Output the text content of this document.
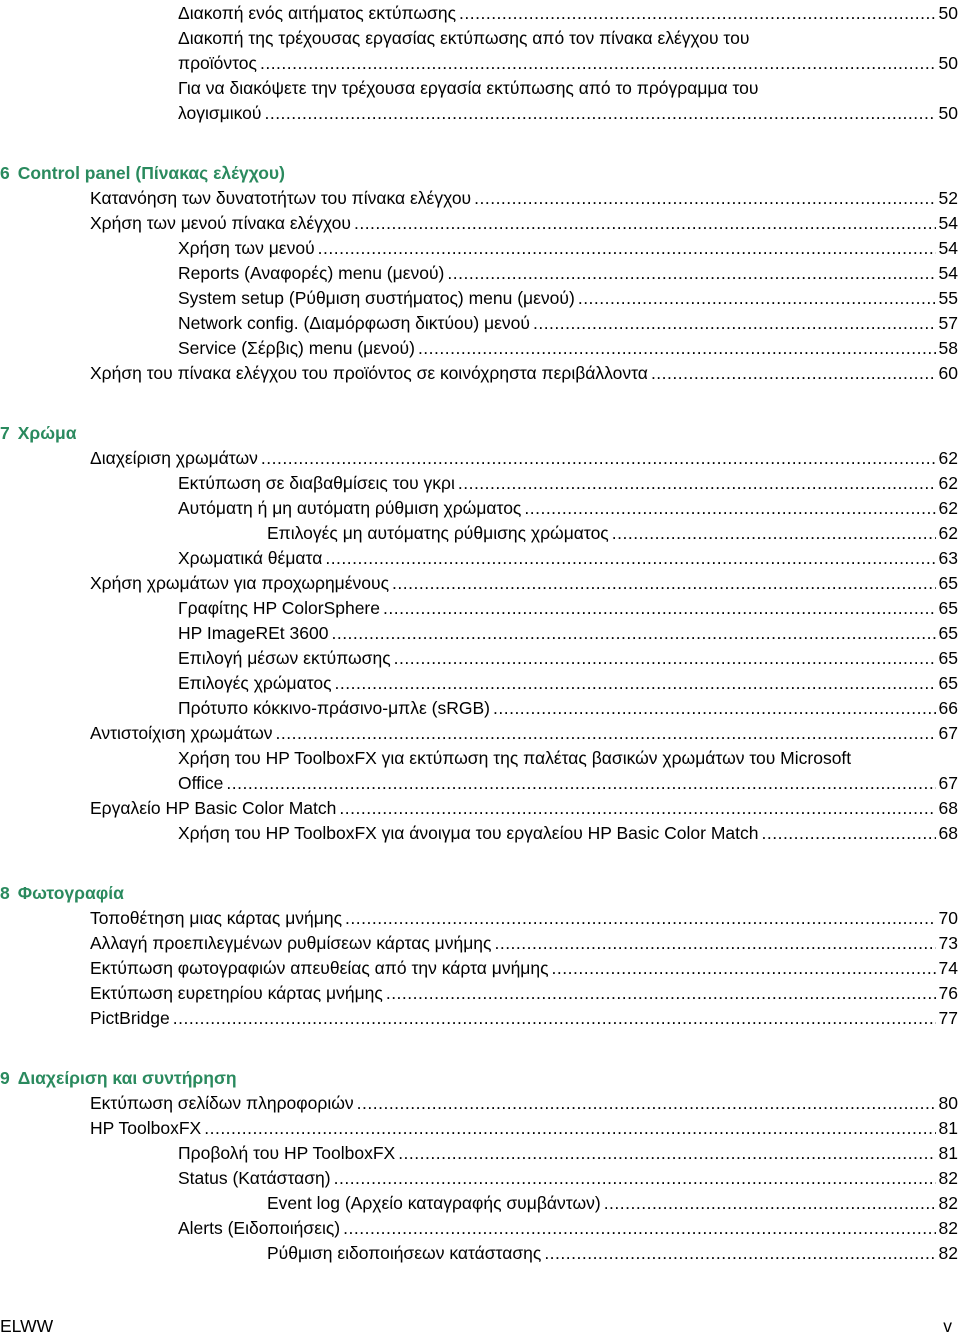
Διακοπή ενός αιτήματος εκτύπωσης .....	50
Διακοπή της τρέχουσας εργασίας εκτύπωσης από τον πίνακα ελέγχου του
προϊόντος .....	50
Για να διακόψετε την τρέχουσα εργασία εκτύπωσης από το πρόγραμμα του
λογισμικού .....	50
6 Control panel (Πίνακας ελέγχου)
Κατανόηση των δυνατοτήτων του πίνακα ελέγχου .....	52
Χρήση των μενού πίνακα ελέγχου .....	54
Χρήση των μενού .....	54
Reports (Αναφορές) menu (μενού) .....	54
System setup (Ρύθμιση συστήματος) menu (μενού) .....	55
Network config. (Διαμόρφωση δικτύου) μενού .....	57
Service (Σέρβις) menu (μενού) .....	58
Χρήση του πίνακα ελέγχου του προϊόντος σε κοινόχρηστα περιβάλλοντα .....	60
7 Χρώμα
Διαχείριση χρωμάτων .....	62
Εκτύπωση σε διαβαθμίσεις του γκρι .....	62
Αυτόματη ή μη αυτόματη ρύθμιση χρώματος .....	62
Επιλογές μη αυτόματης ρύθμισης χρώματος .....	62
Χρωματικά θέματα .....	63
Χρήση χρωμάτων για προχωρημένους .....	65
Γραφίτης HP ColorSphere .....	65
HP ImageREt 3600 .....	65
Επιλογή μέσων εκτύπωσης .....	65
Επιλογές χρώματος .....	65
Πρότυπο κόκκινο-πράσινο-μπλε (sRGB) .....	66
Αντιστοίχιση χρωμάτων .....	67
Χρήση του HP ToolboxFX για εκτύπωση της παλέτας βασικών χρωμάτων του Microsoft
Office .....	67
Εργαλείο HP Basic Color Match .....	68
Χρήση του HP ToolboxFX για άνοιγμα του εργαλείου HP Basic Color Match .....	68
8 Φωτογραφία
Τοποθέτηση μιας κάρτας μνήμης .....	70
Αλλαγή προεπιλεγμένων ρυθμίσεων κάρτας μνήμης .....	73
Εκτύπωση φωτογραφιών απευθείας από την κάρτα μνήμης .....	74
Εκτύπωση ευρετηρίου κάρτας μνήμης .....	76
PictBridge .....	77
9 Διαχείριση και συντήρηση
Εκτύπωση σελίδων πληροφοριών .....	80
HP ToolboxFX .....	81
Προβολή του HP ToolboxFX .....	81
Status (Κατάσταση) .....	82
Event log (Αρχείο καταγραφής συμβάντων) .....	82
Alerts (Ειδοποιήσεις) .....	82
Ρύθμιση ειδοποιήσεων κατάστασης .....	82
ELWW	v
